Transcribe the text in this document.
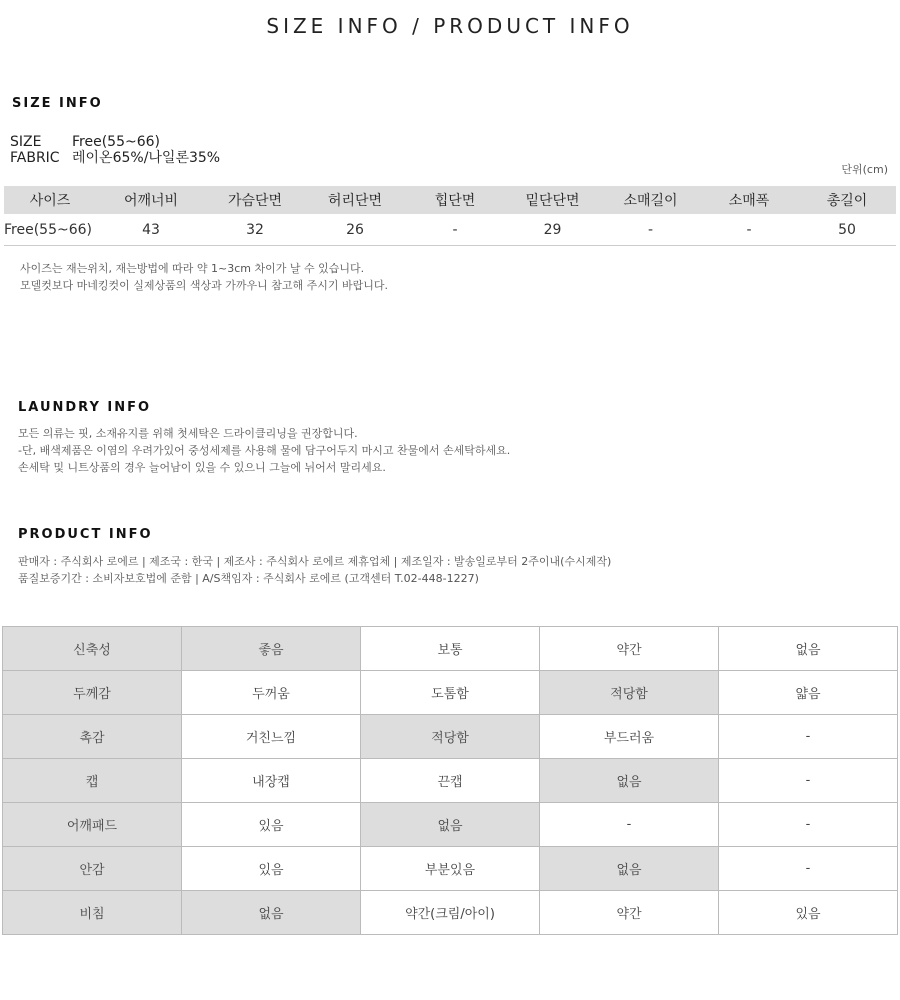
SIZE INFO / PRODUCT INFO
SIZE INFO
SIZE	Free(55~66)
FABRIC 레이온65%/나일론35%
단위(cm)
사이즈	어깨너비	가슴단면	허리단면	힙단면	밑단단면	소매길이	소매폭	총길이
Free(55~66)	43	32	26	-	29	-	-	50
사이즈는 재는위치, 재는방법에 따라 약 1~3cm 차이가 날 수 있습니다.
모델컷보다 마네킹컷이 실제상품의 색상과 가까우니 참고해 주시기 바랍니다.
LAUNDRY INFO
모든 의류는 핏, 소재유지를 위해 첫세탁은 드라이클리닝을 권장합니다.
-단, 배색제품은 이염의 우려가있어 중성세제를 사용해 물에 담구어두지 마시고 찬물에서 손세탁하세요.
손세탁 및 니트상품의 경우 늘어남이 있을 수 있으니 그늘에 뉘어서 말리세요.
PRODUCT INFO
판매자 : 주식회사 로에르 | 제조국 : 한국 | 제조사 : 주식회사 로에르 제휴업체 | 제조일자 : 발송일로부터 2주이내(수시제작)
품질보증기간 : 소비자보호법에 준함 | A/S책임자 : 주식회사 로에르 (고객센터 T.02-448-1227)
신축성	좋음	보통	약간	없음
두께감	두꺼움	도톰함	적당함	얇음
촉감	거친느낌	적당함	부드러움	-
캡	내장캡	끈캡	없음	-
어깨패드	있음	없음	-	-
안감	있음	부분있음	없음	-
비침	없음	약간(크림/아이)	약간	있음
